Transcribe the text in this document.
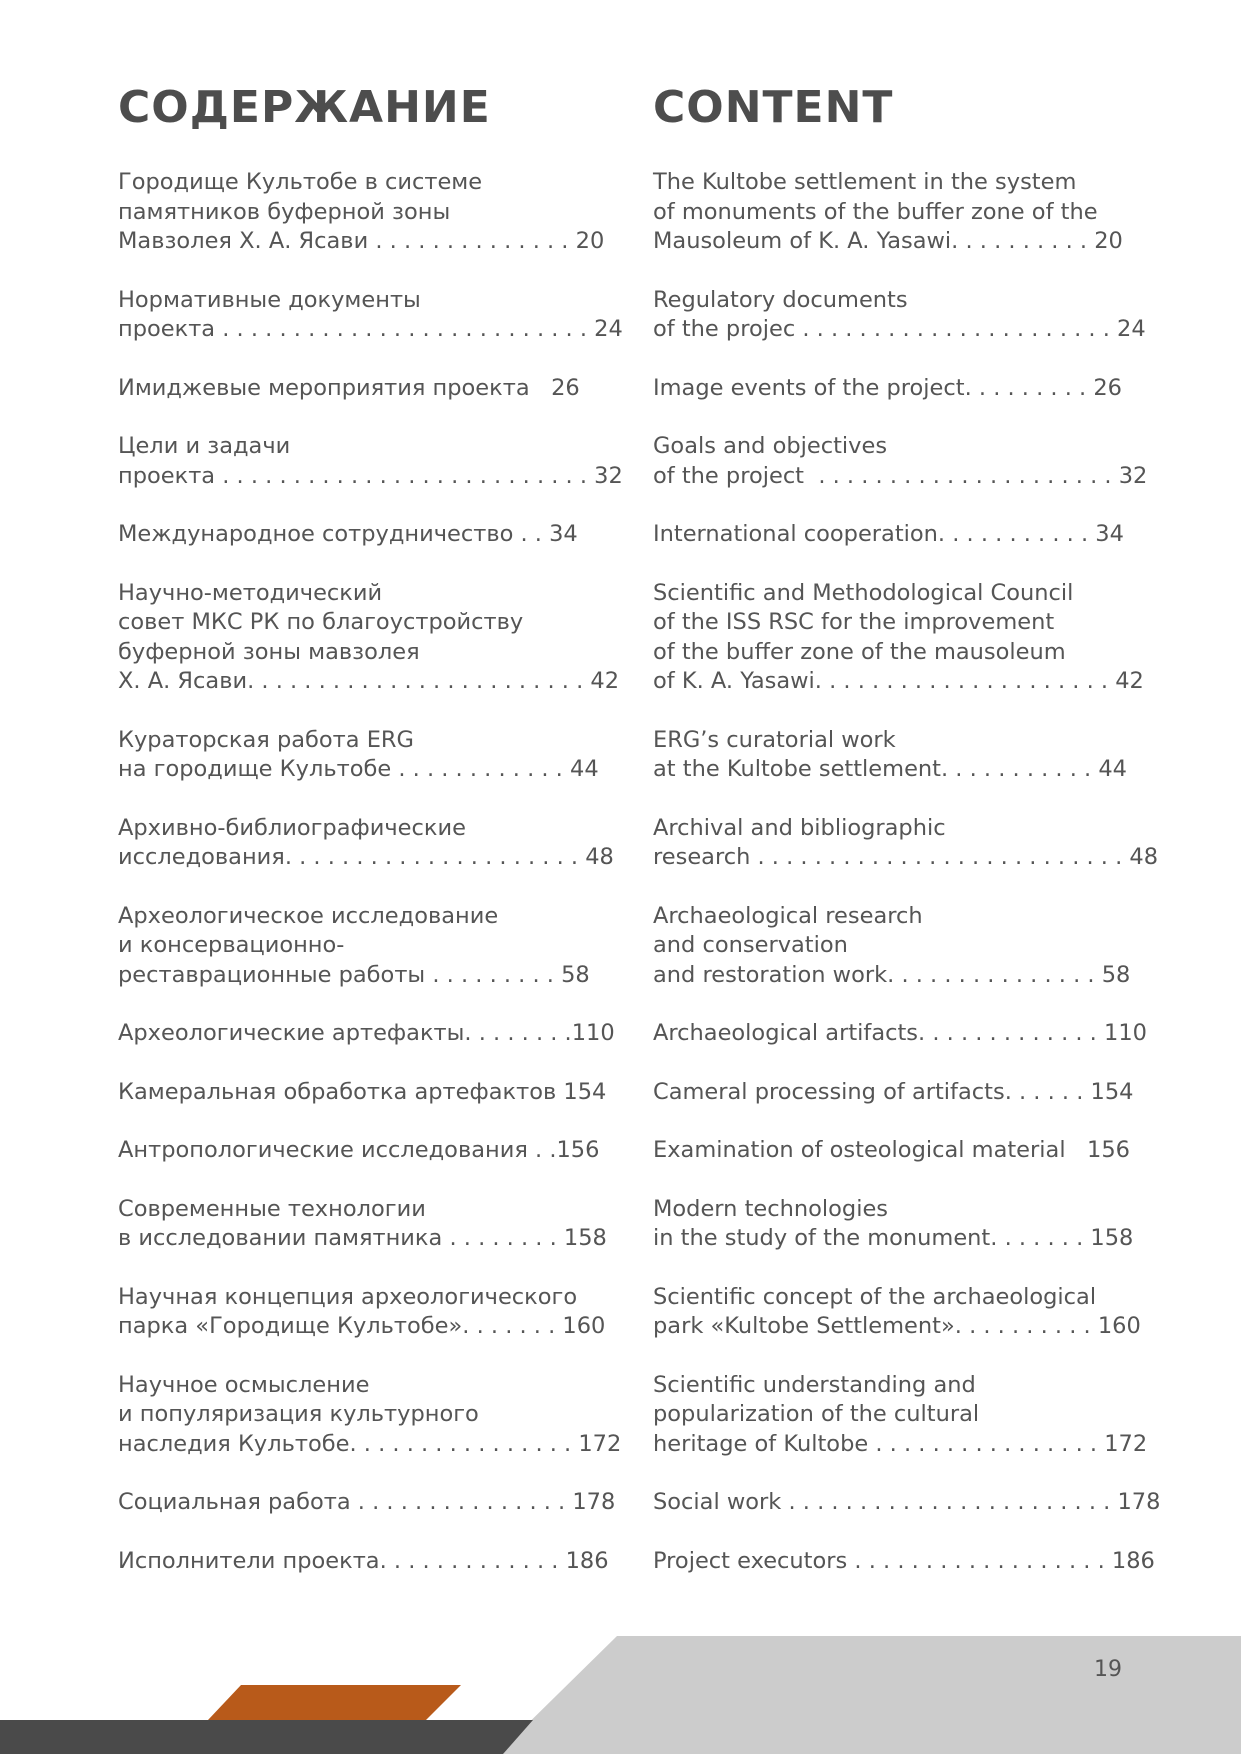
СОДЕРЖАНИЕ
Городище Культобе в системе
памятников буферной зоны
Мавзолея Х. А. Ясави . . . . . . . . . . . . . . 20
Нормативные документы
проекта . . . . . . . . . . . . . . . . . . . . . . . . . . 24
Имиджевые мероприятия проекта 26
Цели и задачи
проекта . . . . . . . . . . . . . . . . . . . . . . . . . . 32
Международное сотрудничество . . 34
Научно-методический
совет МКС РК по благоустройству
буферной зоны мавзолея
Х. А. Ясави. . . . . . . . . . . . . . . . . . . . . . . . 42
Кураторская работа ERG
на городище Культобе . . . . . . . . . . . . 44
Архивно-библиографические
исследования. . . . . . . . . . . . . . . . . . . . . 48
Археологическое исследование
и консервационно-
реставрационные работы . . . . . . . . . 58
Археологические артефакты. . . . . . . .110
Камеральная обработка артефактов 154
Антропологические исследования . .156
Современные технологии
в исследовании памятника . . . . . . . . 158
Научная концепция археологического
парка «Городище Культобе». . . . . . . 160
Научное осмысление
и популяризация культурного
наследия Культобе. . . . . . . . . . . . . . . . 172
Социальная работа . . . . . . . . . . . . . . . 178
Исполнители проекта. . . . . . . . . . . . . 186
CONTENT
The Kultobe settlement in the system
of monuments of the buffer zone of the
Mausoleum of K. A. Yasawi. . . . . . . . . . 20
Regulatory documents
of the projec . . . . . . . . . . . . . . . . . . . . . . 24
Image events of the project. . . . . . . . . 26
Goals and objectives
of the project  . . . . . . . . . . . . . . . . . . . . . 32
International cooperation. . . . . . . . . . . 34
Scientific and Methodological Council
of the ISS RSC for the improvement
of the buffer zone of the mausoleum
of K. A. Yasawi. . . . . . . . . . . . . . . . . . . . . 42
ERG’s curatorial work
at the Kultobe settlement. . . . . . . . . . . 44
Archival and bibliographic
research . . . . . . . . . . . . . . . . . . . . . . . . . . 48
Archaeological research
and conservation
and restoration work. . . . . . . . . . . . . . . 58
Archaeological artifacts. . . . . . . . . . . . . 110
Cameral processing of artifacts. . . . . . 154
Examination of osteological material 156
Modern technologies
in the study of the monument. . . . . . . 158
Scientific concept of the archaeological
park «Kultobe Settlement». . . . . . . . . . 160
Scientific understanding and
popularization of the cultural
heritage of Kultobe . . . . . . . . . . . . . . . . 172
Social work . . . . . . . . . . . . . . . . . . . . . . . 178
Project executors . . . . . . . . . . . . . . . . . . 186
19
